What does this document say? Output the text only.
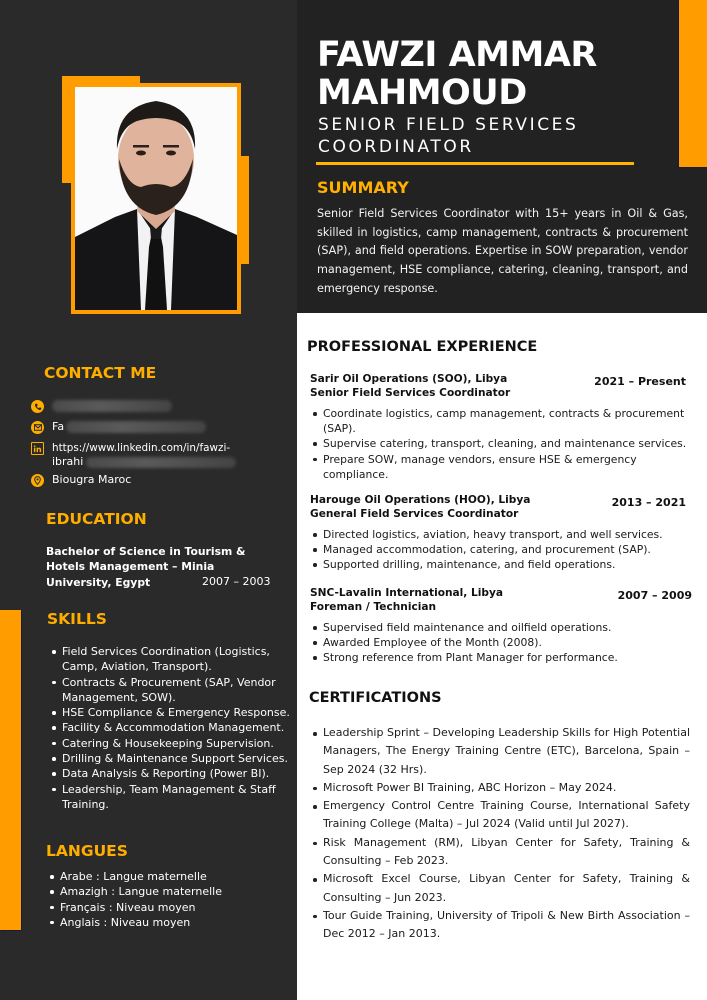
FAWZI AMMAR
MAHMOUD
SENIOR FIELD SERVICES
COORDINATOR
SUMMARY

Senior Field Services Coordinator with 15+ years in Oil & Gas, skilled in logistics, camp management, contracts & procurement (SAP), and field operations. Expertise in SOW preparation, vendor management, HSE compliance, catering, cleaning, transport, and emergency response.

CONTACT ME
Fa
https://www.linkedin.com/in/fawzi-
ibrahi
Biougra Maroc
EDUCATION
Bachelor of Science in Tourism & Hotels Management – Minia University, Egypt	2007 – 2003
SKILLS
Field Services Coordination (Logistics, Camp, Aviation, Transport).
Contracts & Procurement (SAP, Vendor Management, SOW).
HSE Compliance & Emergency Response.
Facility & Accommodation Management.
Catering & Housekeeping Supervision.
Drilling & Maintenance Support Services.
Data Analysis & Reporting (Power BI).
Leadership, Team Management & Staff Training.
LANGUES
Arabe : Langue maternelle
Amazigh : Langue maternelle
Français : Niveau moyen
Anglais : Niveau moyen
PROFESSIONAL EXPERIENCE
Sarir Oil Operations (SOO), Libya
Senior Field Services Coordinator
2021 – Present
Coordinate logistics, camp management, contracts & procurement (SAP).
Supervise catering, transport, cleaning, and maintenance services.
Prepare SOW, manage vendors, ensure HSE & emergency compliance.
Harouge Oil Operations (HOO), Libya
General Field Services Coordinator
2013 – 2021
Directed logistics, aviation, heavy transport, and well services.
Managed accommodation, catering, and procurement (SAP).
Supported drilling, maintenance, and field operations.
SNC-Lavalin International, Libya
Foreman / Technician
2007 – 2009
Supervised field maintenance and oilfield operations.
Awarded Employee of the Month (2008).
Strong reference from Plant Manager for performance.
CERTIFICATIONS
Leadership Sprint – Developing Leadership Skills for High Potential Managers, The Energy Training Centre (ETC), Barcelona, Spain – Sep 2024 (32 Hrs).
Microsoft Power BI Training, ABC Horizon – May 2024.
Emergency Control Centre Training Course, International Safety Training College (Malta) – Jul 2024 (Valid until Jul 2027).
Risk Management (RM), Libyan Center for Safety, Training & Consulting – Feb 2023.
Microsoft Excel Course, Libyan Center for Safety, Training & Consulting – Jun 2023.
Tour Guide Training, University of Tripoli & New Birth Association – Dec 2012 – Jan 2013.
